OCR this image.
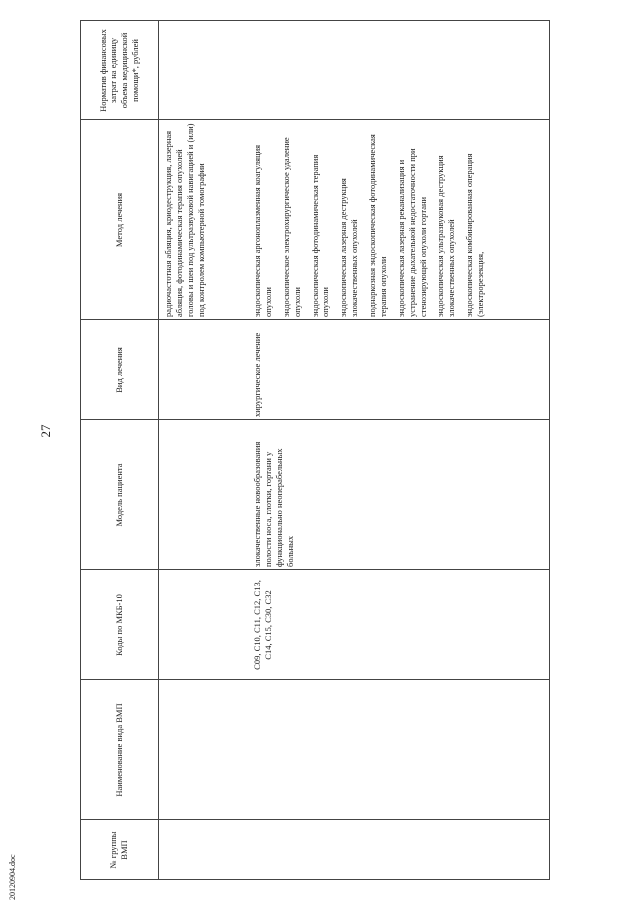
27
20120904.doc
№ группы ВМП
Наименование вида ВМП
Коды по МКБ-10
Модель пациента
Вид лечения
Метод лечения
Норматив финансовых затрат на единицу объема медицинской помощи*, рублей
радиочастотная абляция, криодеструкция, лазерная абляция, фотодинамическая терапия опухолей головы и шеи под ультразвуковой навигацией и (или) под контролем компьютерной томографии
C09, C10, C11, C12, C13, C14, C15, C30, C32
злокачественные новообразования полости носа, глотки, гортани у функционально неоперабельных больных
хирургическое лечение
эндоскопическая аргоноплазменная коагуляция опухоли эндоскопическое электрохирургическое удаление опухоли эндоскопическая фотодинамическая терапия опухоли эндоскопическая лазерная деструкция злокачественных опухолей поднаркозная эндоскопическая фотодинамическая терапия опухоли эндоскопическая лазерная реканализация и устранение дыхательной недостаточности при стенозирующей опухоли гортани эндоскопическая ультразвуковая деструкция злокачественных опухолей эндоскопическая комбинированная операция (электрорезекция,
